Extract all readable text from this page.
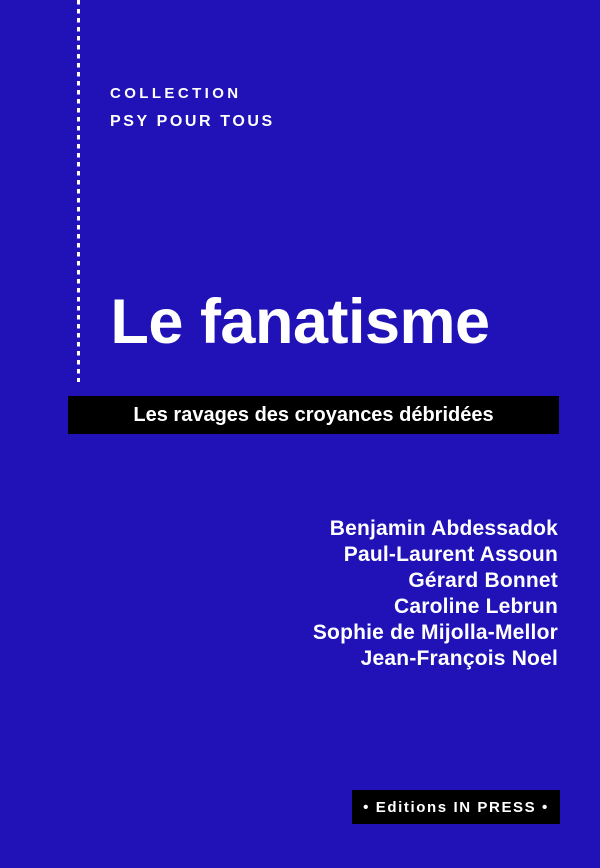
COLLECTION
PSY POUR TOUS
Le fanatisme
Les ravages des croyances débridées
Benjamin Abdessadok
Paul-Laurent Assoun
Gérard Bonnet
Caroline Lebrun
Sophie de Mijolla-Mellor
Jean-François Noel
• Editions IN PRESS •
